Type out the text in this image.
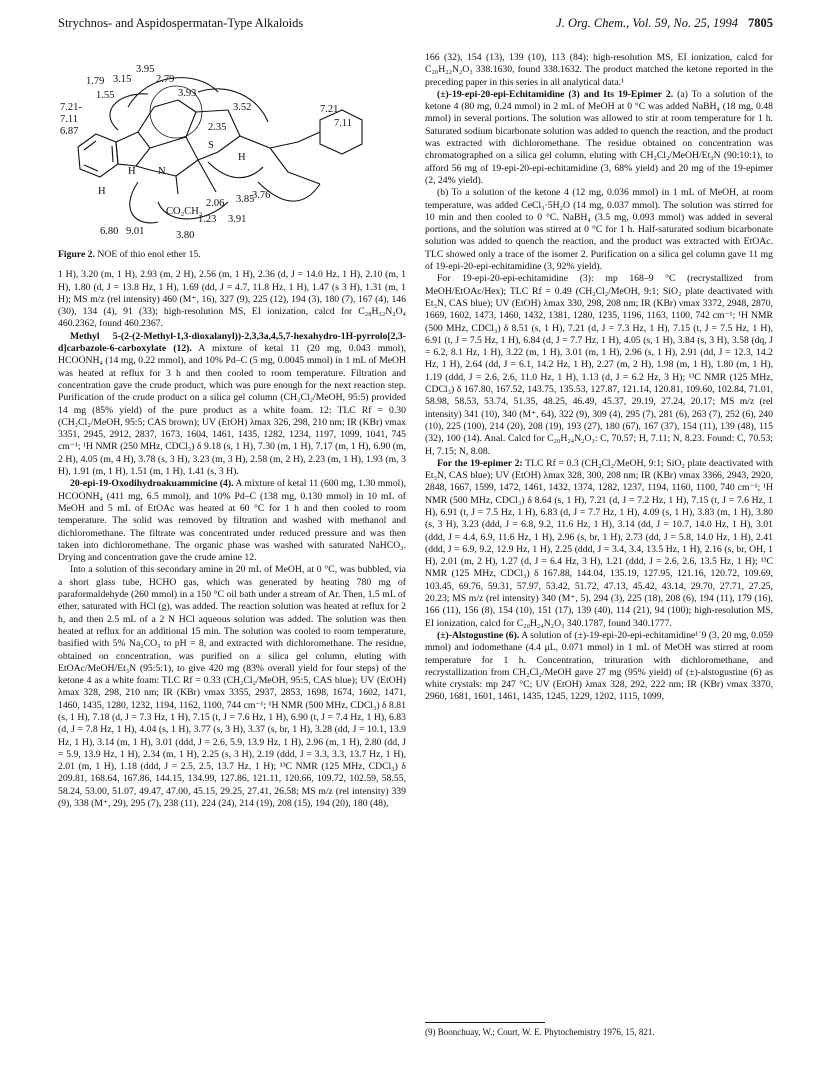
Strychnos- and Aspidospermatan-Type Alkaloids	J. Org. Chem., Vol. 59, No. 25, 1994 7805
1.79 3.15
3.95
2.79
3.93
1.55
7.21-
7.11
6.87
3.52	7.21
7.11
2.35
S
CO₂CH₃
3.85
3.76
2.06
3.91
1.23
6.80 9.01	3.80
H N
H
H
Figure 2. NOE of thio enol ether 15.

1 H), 3.20 (m, 1 H), 2.93 (m, 2 H), 2.56 (m, 1 H), 2.36 (d, J = 14.0 Hz, 1 H), 2.10 (m, 1 H), 1.80 (d, J = 13.8 Hz, 1 H), 1.69 (dd, J = 4.7, 11.8 Hz, 1 H), 1.47 (s 3 H), 1.31 (m, 1 H); MS m/z (rel intensity) 460 (M⁺, 16), 327 (9), 225 (12), 194 (3), 180 (7), 167 (4), 146 (30), 134 (4), 91 (33); high-resolution MS, EI ionization, calcd for C₂₈H₃₂N₂O₄ 460.2362, found 460.2367.

Methyl 5-(2-(2-Methyl-1,3-dioxalanyl))-2,3,3a,4,5,7-hexahydro-1H-pyrrolo[2,3-d]carbazole-6-carboxylate (12). A mixture of ketal 11 (20 mg, 0.043 mmol), HCOONH₄ (14 mg, 0.22 mmol), and 10% Pd–C (5 mg, 0.0045 mmol) in 1 mL of MeOH was heated at reflux for 3 h and then cooled to room temperature. Filtration and concentration gave the crude product, which was pure enough for the next reaction step. Purification of the crude product on a silica gel column (CH₂Cl₂/MeOH, 95:5) provided 14 mg (85% yield) of the pure product as a white foam. 12: TLC Rf = 0.30 (CH₂Cl₂/MeOH, 95:5; CAS brown); UV (EtOH) λmax 326, 298, 210 nm; IR (KBr) νmax 3351, 2945, 2912, 2837, 1673, 1604, 1461, 1435, 1282, 1234, 1197, 1099, 1041, 745 cm⁻¹; ¹H NMR (250 MHz, CDCl₃) δ 9.18 (s, 1 H), 7.30 (m, 1 H), 7.17 (m, 1 H), 6.90 (m, 2 H), 4.05 (m, 4 H), 3.78 (s, 3 H), 3.23 (m, 3 H), 2.58 (m, 2 H), 2.23 (m, 1 H), 1.93 (m, 3 H), 1.91 (m, 1 H), 1.51 (m, 1 H), 1.41 (s, 3 H).

20-epi-19-Oxodihydroakuammicine (4). A mixture of ketal 11 (600 mg, 1.30 mmol), HCOONH₄ (411 mg, 6.5 mmol), and 10% Pd–C (138 mg, 0.130 mmol) in 10 mL of MeOH and 5 mL of EtOAc was heated at 60 °C for 1 h and then cooled to room temperature. The solid was removed by filtration and washed with methanol and dichloromethane. The filtrate was concentrated under reduced pressure and was then taken into dichloromethane. The organic phase was washed with saturated NaHCO₃. Drying and concentration gave the crude amine 12.

Into a solution of this secondary amine in 20 mL of MeOH, at 0 °C, was bubbled, via a short glass tube, HCHO gas, which was generated by heating 780 mg of paraformaldehyde (260 mmol) in a 150 °C oil bath under a stream of Ar. Then, 1.5 mL of ether, saturated with HCl (g), was added. The reaction solution was heated at reflux for 2 h, and then 2.5 mL of a 2 N HCl aqueous solution was added. The solution was then heated at reflux for an additional 15 min. The solution was cooled to room temperature, basified with 5% Na₂CO₃ to pH = 8, and extracted with dichloromethane. The residue, obtained on concentration, was purified on a silica gel column, eluting with EtOAc/MeOH/Et₃N (95:5:1), to give 420 mg (83% overall yield for four steps) of the ketone 4 as a white foam: TLC Rf = 0.33 (CH₂Cl₂/MeOH, 95:5, CAS blue); UV (EtOH) λmax 328, 298, 210 nm; IR (KBr) νmax 3355, 2937, 2853, 1698, 1674, 1602, 1471, 1460, 1435, 1280, 1232, 1194, 1162, 1100, 744 cm⁻¹; ¹H NMR (500 MHz, CDCl₃) δ 8.81 (s, 1 H), 7.18 (d, J = 7.3 Hz, 1 H), 7.15 (t, J = 7.6 Hz, 1 H), 6.90 (t, J = 7.4 Hz, 1 H), 6.83 (d, J = 7.8 Hz, 1 H), 4.04 (s, 1 H), 3.77 (s, 3 H), 3.37 (s, br, 1 H), 3.28 (dd, J = 10.1, 13.9 Hz, 1 H), 3.14 (m, 1 H), 3.01 (ddd, J = 2.6, 5.9, 13.9 Hz, 1 H), 2.96 (m, 1 H), 2.80 (dd, J = 5.9, 13.9 Hz, 1 H), 2.34 (m, 1 H), 2.25 (s, 3 H), 2.19 (ddd, J = 3.3, 3.3, 13.7 Hz, 1 H), 2.01 (m, 1 H), 1.18 (ddd, J = 2.5, 2.5, 13.7 Hz, 1 H); ¹³C NMR (125 MHz, CDCl₃) δ 209.81, 168.64, 167.86, 144.15, 134.99, 127.86, 121.11, 120.66, 109.72, 102.59, 58.55, 58.24, 53.00, 51.07, 49.47, 47.00, 45.15, 29.25, 27.41, 26.58; MS m/z (rel intensity) 339 (9), 338 (M⁺, 29), 295 (7), 238 (11), 224 (24), 214 (19), 208 (15), 194 (20), 180 (48),

166 (32), 154 (13), 139 (10), 113 (84); high-resolution MS, EI ionization, calcd for C₂₀H₂₂N₂O₃ 338.1630, found 338.1632. The product matched the ketone reported in the preceding paper in this series in all analytical data.¹

(±)-19-epi-20-epi-Echitamidine (3) and Its 19-Epimer 2. (a) To a solution of the ketone 4 (80 mg, 0.24 mmol) in 2 mL of MeOH at 0 °C was added NaBH₄ (18 mg, 0.48 mmol) in several portions. The solution was allowed to stir at room temperature for 1 h. Saturated sodium bicarbonate solution was added to quench the reaction, and the product was extracted with dichloromethane. The residue obtained on concentration was chromatographed on a silica gel column, eluting with CH₂Cl₂/MeOH/Et₃N (90:10:1), to afford 56 mg of 19-epi-20-epi-echitamidine (3, 68% yield) and 20 mg of the 19-epimer (2, 24% yield).

(b) To a solution of the ketone 4 (12 mg, 0.036 mmol) in 1 mL of MeOH, at room temperature, was added CeCl₃·5H₂O (14 mg, 0.037 mmol). The solution was stirred for 10 min and then cooled to 0 °C. NaBH₄ (3.5 mg, 0.093 mmol) was added in several portions, and the solution was stirred at 0 °C for 1 h. Half-saturated sodium bicarbonate solution was added to quench the reaction, and the product was extracted with EtOAc. TLC showed only a trace of the isomer 2. Purification on a silica gel column gave 11 mg of 19-epi-20-epi-echitamidine (3, 92% yield).

For 19-epi-20-epi-echitamidine (3): mp 168–9 °C (recrystallized from MeOH/EtOAc/Hex); TLC Rf = 0.49 (CH₂Cl₂/MeOH, 9:1; SiO₂ plate deactivated with Et₃N, CAS blue); UV (EtOH) λmax 330, 298, 208 nm; IR (KBr) νmax 3372, 2948, 2870, 1669, 1602, 1473, 1460, 1432, 1381, 1280, 1235, 1196, 1163, 1100, 742 cm⁻¹; ¹H NMR (500 MHz, CDCl₃) δ 8.51 (s, 1 H), 7.21 (d, J = 7.3 Hz, 1 H), 7.15 (t, J = 7.5 Hz, 1 H), 6.91 (t, J = 7.5 Hz, 1 H), 6.84 (d, J = 7.7 Hz, 1 H), 4.05 (s, 1 H), 3.84 (s, 3 H), 3.58 (dq, J = 6.2, 8.1 Hz, 1 H), 3.22 (m, 1 H), 3.01 (m, 1 H), 2.96 (s, 1 H), 2.91 (dd, J = 12.3, 14.2 Hz, 1 H), 2.64 (dd, J = 6.1, 14.2 Hz, 1 H), 2.27 (m, 2 H), 1.98 (m, 1 H), 1.80 (m, 1 H), 1.19 (ddd, J = 2.6, 2.6, 11.0 Hz, 1 H), 1.13 (d, J = 6.2 Hz, 3 H); ¹³C NMR (125 MHz, CDCl₃) δ 167.80, 167.52, 143.75, 135.53, 127.87, 121.14, 120.81, 109.60, 102.84, 71.01, 58.98, 58.53, 53.74, 51.35, 48.25, 46.49, 45.37, 29.19, 27.24, 20.17; MS m/z (rel intensity) 341 (10), 340 (M⁺, 64), 322 (9), 309 (4), 295 (7), 281 (6), 263 (7), 252 (6), 240 (10), 225 (100), 214 (20), 208 (19), 193 (27), 180 (67), 167 (37), 154 (11), 139 (48), 115 (32), 100 (14). Anal. Calcd for C₂₀H₂₄N₂O₃: C, 70.57; H, 7.11; N, 8.23. Found: C, 70.53; H, 7.15; N, 8.08.

For the 19-epimer 2: TLC Rf = 0.3 (CH₂Cl₂/MeOH, 9:1; SiO₂ plate deactivated with Et₃N, CAS blue); UV (EtOH) λmax 328, 300, 208 nm; IR (KBr) νmax 3366, 2943, 2920, 2848, 1667, 1599, 1472, 1461, 1432, 1374, 1282, 1237, 1194, 1160, 1100, 740 cm⁻¹; ¹H NMR (500 MHz, CDCl₃) δ 8.64 (s, 1 H), 7.21 (d, J = 7.2 Hz, 1 H), 7.15 (t, J = 7.6 Hz, 1 H), 6.91 (t, J = 7.5 Hz, 1 H), 6.83 (d, J = 7.7 Hz, 1 H), 4.09 (s, 1 H), 3.83 (m, 1 H), 3.80 (s, 3 H), 3.23 (ddd, J = 6.8, 9.2, 11.6 Hz, 1 H), 3.14 (dd, J = 10.7, 14.0 Hz, 1 H), 3.01 (ddd, J = 4.4, 6.9, 11.6 Hz, 1 H), 2.96 (s, br, 1 H), 2.73 (dd, J = 5.8, 14.0 Hz, 1 H), 2.41 (ddd, J = 6.9, 9.2, 12.9 Hz, 1 H), 2.25 (ddd, J = 3.4, 3.4, 13.5 Hz, 1 H), 2.16 (s, br, OH, 1 H), 2.01 (m, 2 H), 1.27 (d, J = 6.4 Hz, 3 H), 1.21 (ddd, J = 2.6, 2.6, 13.5 Hz, 1 H); ¹³C NMR (125 MHz, CDCl₃) δ 167.88, 144.04, 135.19, 127.95, 121.16, 120.72, 109.69, 103.45, 69.76, 59.31, 57.97, 53.42, 51.72, 47.13, 45.42, 43.14, 29.70, 27.71, 27.25, 20.23; MS m/z (rel intensity) 340 (M⁺, 5), 294 (3), 225 (18), 208 (6), 194 (11), 179 (16), 166 (11), 156 (8), 154 (10), 151 (17), 139 (40), 114 (21), 94 (100); high-resolution MS, EI ionization, calcd for C₂₀H₂₄N₂O₃ 340.1787, found 340.1777.

(±)-Alstogustine (6). A solution of (±)-19-epi-20-epi-echitamidine¹˙9 (3, 20 mg, 0.059 mmol) and iodomethane (4.4 μL, 0.071 mmol) in 1 mL of MeOH was stirred at room temperature for 1 h. Concentration, trituration with dichloromethane, and recrystallization from CH₂Cl₂/MeOH gave 27 mg (95% yield) of (±)-alstogustine (6) as white crystals: mp 247 °C; UV (EtOH) λmax 328, 292, 222 nm; IR (KBr) νmax 3370, 2960, 1681, 1601, 1461, 1435, 1245, 1229, 1202, 1115, 1099,

(9) Boonchuay, W.; Court, W. E. Phytochemistry 1976, 15, 821.
